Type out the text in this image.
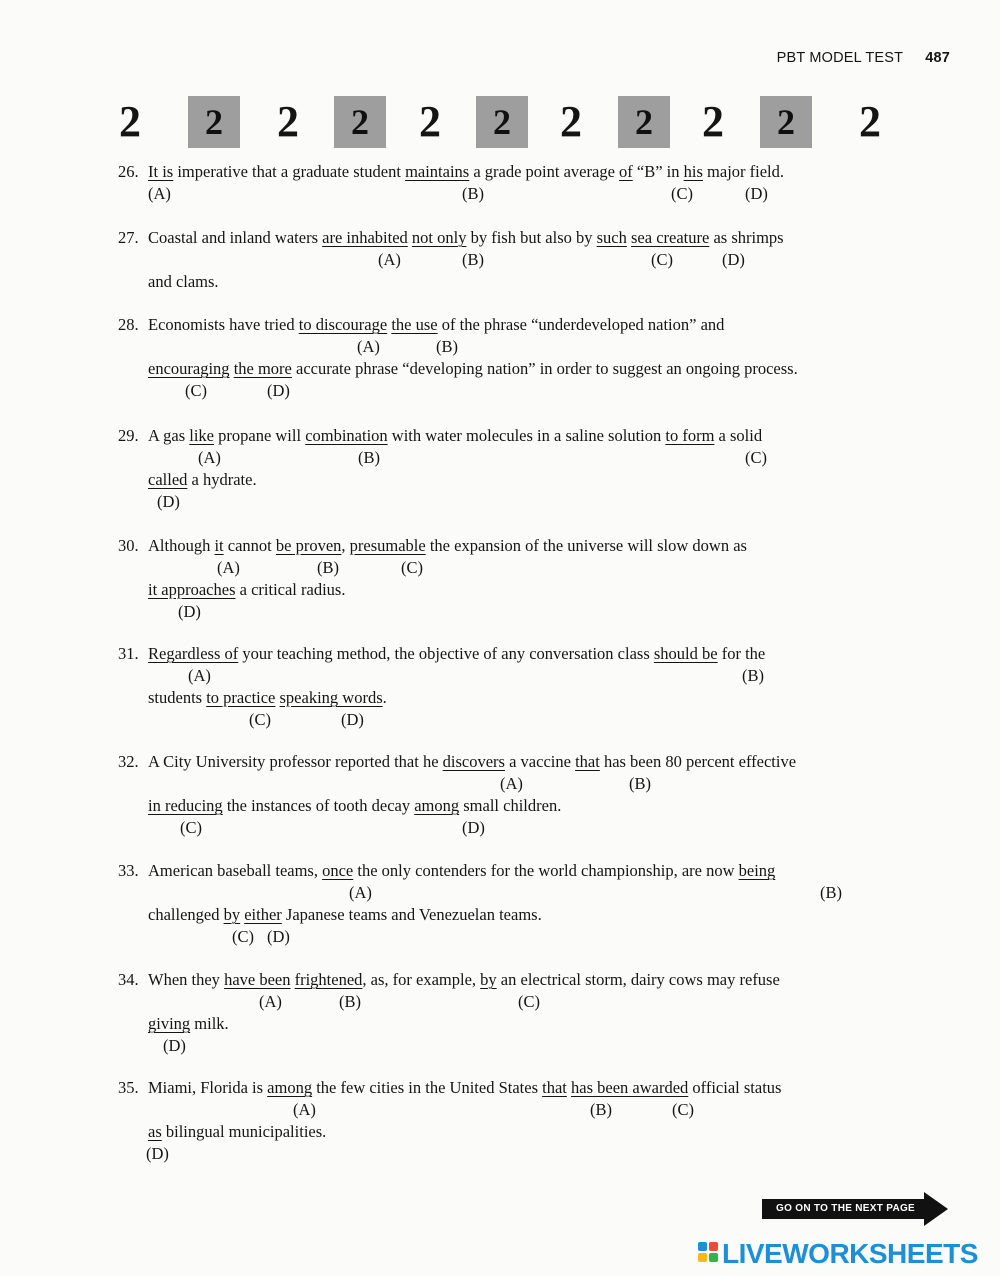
PBT MODEL TEST 487
2	2	2	2	2	2	2	2	2	2	2
26. It is imperative that a graduate student maintains a grade point average of “B” in his major field.
(A)	(B)	(C)	(D)
27. Coastal and inland waters are inhabited not only by fish but also by such sea creature as shrimps
and clams.
(A)	(B)	(C)	(D)
28. Economists have tried to discourage the use of the phrase “underdeveloped nation” and
encouraging the more accurate phrase “developing nation” in order to suggest an ongoing process.
(A)	(B)
(C)	(D)
29. A gas like propane will combination with water molecules in a saline solution to form a solid
called a hydrate.
(A)	(B)	(C)
(D)
30. Although it cannot be proven, presumable the expansion of the universe will slow down as
it approaches a critical radius.
(A)	(B)	(C)
(D)
31. Regardless of your teaching method, the objective of any conversation class should be for the
students to practice speaking words.
(A)	(B)
(C)	(D)
32. A City University professor reported that he discovers a vaccine that has been 80 percent effective
in reducing the instances of tooth decay among small children.
(A)	(B)
(C)	(D)
33. American baseball teams, once the only contenders for the world championship, are now being
challenged by either Japanese teams and Venezuelan teams.
(A)	(B)
(C) (D)
34. When they have been frightened, as, for example, by an electrical storm, dairy cows may refuse
giving milk.
(A)	(B)	(C)
(D)
35. Miami, Florida is among the few cities in the United States that has been awarded official status
as bilingual municipalities.
(A)	(B)	(C)
(D)
GO ON TO THE NEXT PAGE
LIVEWORKSHEETS
